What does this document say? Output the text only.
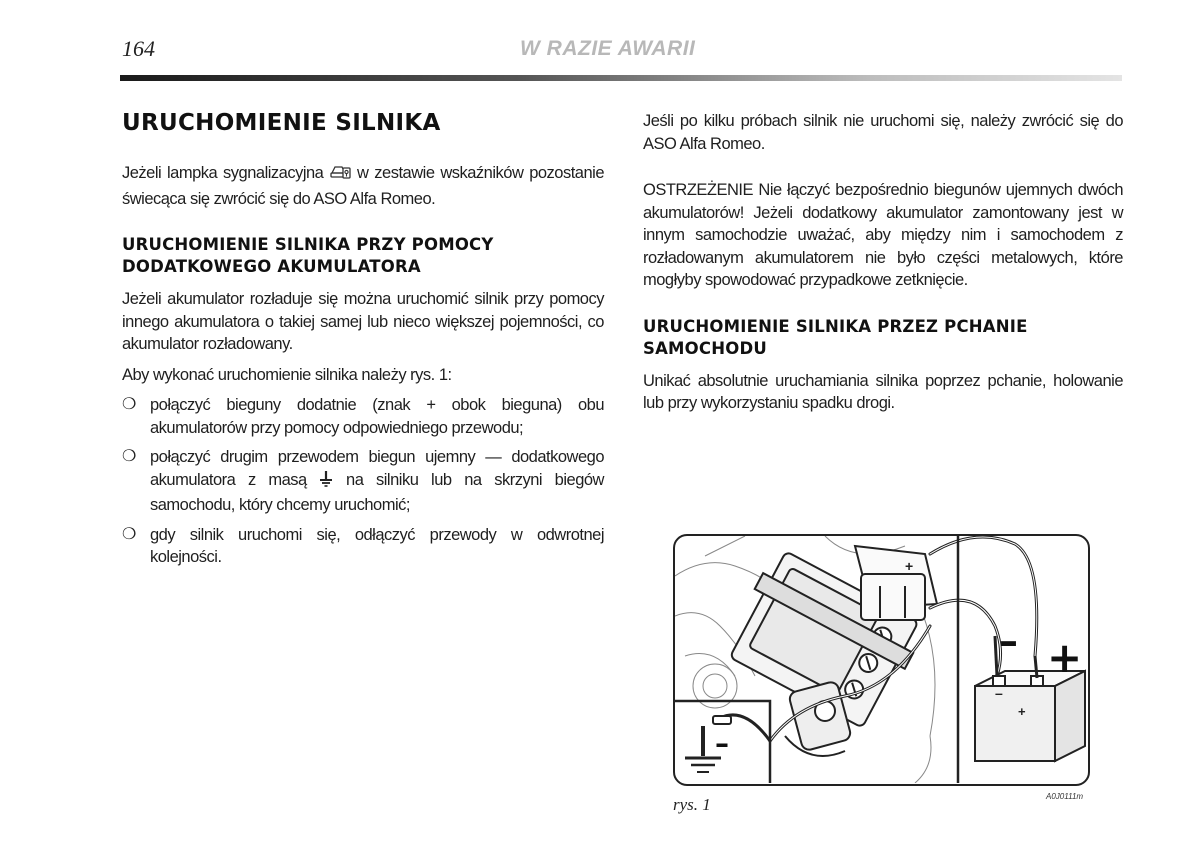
164	W RAZIE AWARII
URUCHOMIENIE SILNIKA

Jeżeli lampka sygnalizacyjna w zestawie wskaźników pozostanie świecąca się zwrócić się do ASO Alfa Romeo.

URUCHOMIENIE SILNIKA PRZY POMOCY DODATKOWEGO AKUMULATORA

Jeżeli akumulator rozładuje się można uruchomić silnik przy pomocy innego akumulatora o takiej samej lub nieco większej pojemności, co akumulator rozładowany.

Aby wykonać uruchomienie silnika należy rys. 1:

❍ połączyć bieguny dodatnie (znak + obok bieguna) obu akumulatorów przy pomocy odpowiedniego przewodu;
❍ połączyć drugim przewodem biegun ujemny — dodatkowego akumulatora z masą na silniku lub na skrzyni biegów samochodu, który chcemy uruchomić;
❍ gdy silnik uruchomi się, odłączyć przewody w odwrotnej kolejności.

Jeśli po kilku próbach silnik nie uruchomi się, należy zwrócić się do ASO Alfa Romeo.

OSTRZEŻENIE Nie łączyć bezpośrednio biegunów ujemnych dwóch akumulatorów! Jeżeli dodatkowy akumulator zamontowany jest w innym samochodzie uważać, aby między nim i samochodem z rozładowanym akumulatorem nie było części metalowych, które mogłyby spowodować przypadkowe zetknięcie.

URUCHOMIENIE SILNIKA PRZEZ PCHANIE SAMOCHODU

Unikać absolutnie uruchamiania silnika poprzez pchanie, holowanie lub przy wykorzystaniu spadku drogi.

+
–
–
+
– +
rys. 1	A0J0111m
